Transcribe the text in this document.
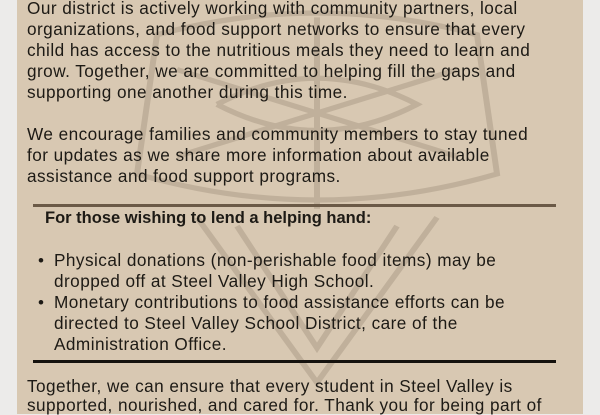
Our district is actively working with community partners, local
organizations, and food support networks to ensure that every
child has access to the nutritious meals they need to learn and
grow. Together, we are committed to helping fill the gaps and
supporting one another during this time.
We encourage families and community members to stay tuned
for updates as we share more information about available
assistance and food support programs.
For those wishing to lend a helping hand:
• Physical donations (non-perishable food items) may be
dropped off at Steel Valley High School.
• Monetary contributions to food assistance efforts can be
directed to Steel Valley School District, care of the
Administration Office.
Together, we can ensure that every student in Steel Valley is
supported, nourished, and cared for. Thank you for being part of
